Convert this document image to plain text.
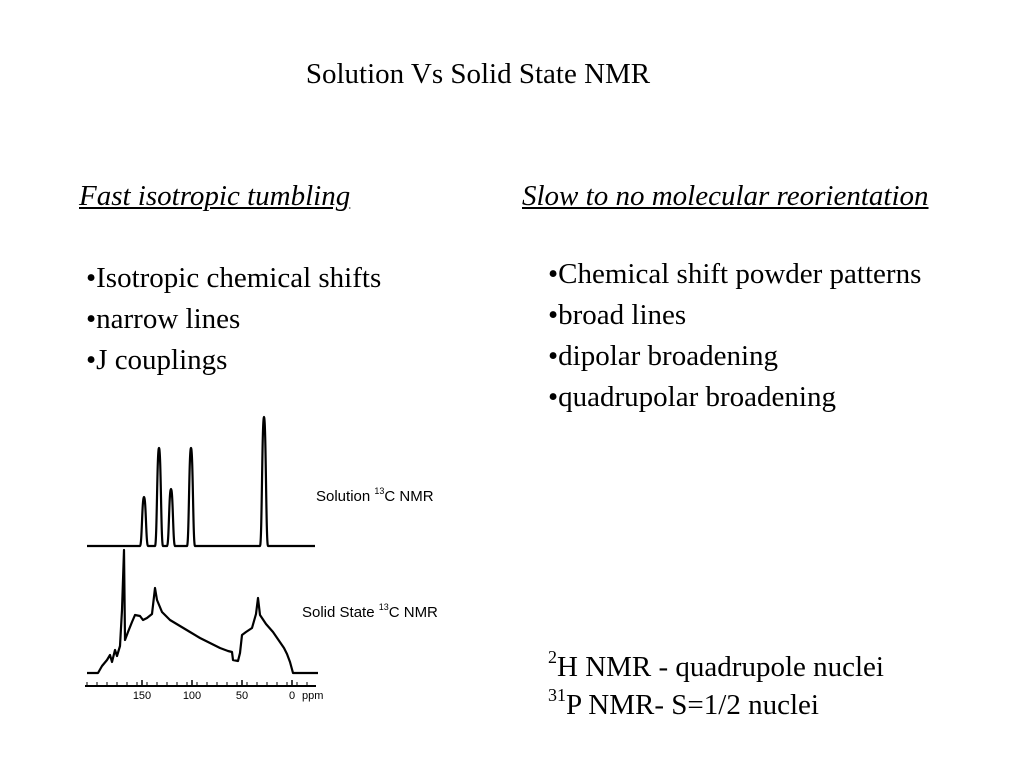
Solution Vs Solid State NMR
Fast isotropic tumbling
•Isotropic chemical shifts
•narrow lines
•J couplings
Slow to no molecular reorientation
•Chemical shift powder patterns
•broad lines
•dipolar broadening
•quadrupolar broadening
$^2$H NMR - quadrupole nuclei
$^{31}$P NMR- S=1/2 nuclei
Solution $^{13}$C NMR
Solid State $^{13}$C NMR
150	100	50	0 ppm
